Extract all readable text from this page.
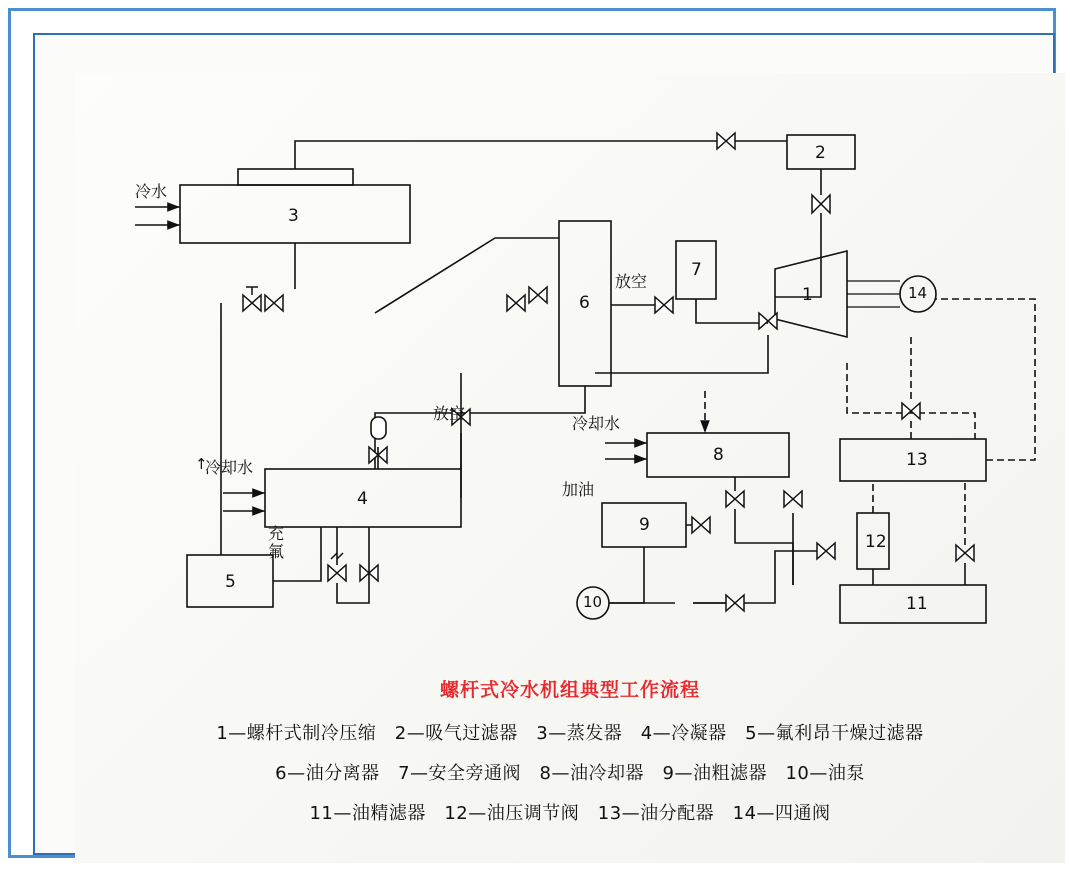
3
2
7
6	1	14
13
8
9
4
5
12
11
10
冷水
放空
放空
冷却水
冷却水
充氟
加油
↑
螺杆式冷水机组典型工作流程
1—螺杆式制冷压缩　2—吸气过滤器　3—蒸发器　4—冷凝器　5—氟利昂干燥过滤器
6—油分离器　7—安全旁通阀　8—油冷却器　9—油粗滤器　10—油泵
11—油精滤器　12—油压调节阀　13—油分配器　14—四通阀
